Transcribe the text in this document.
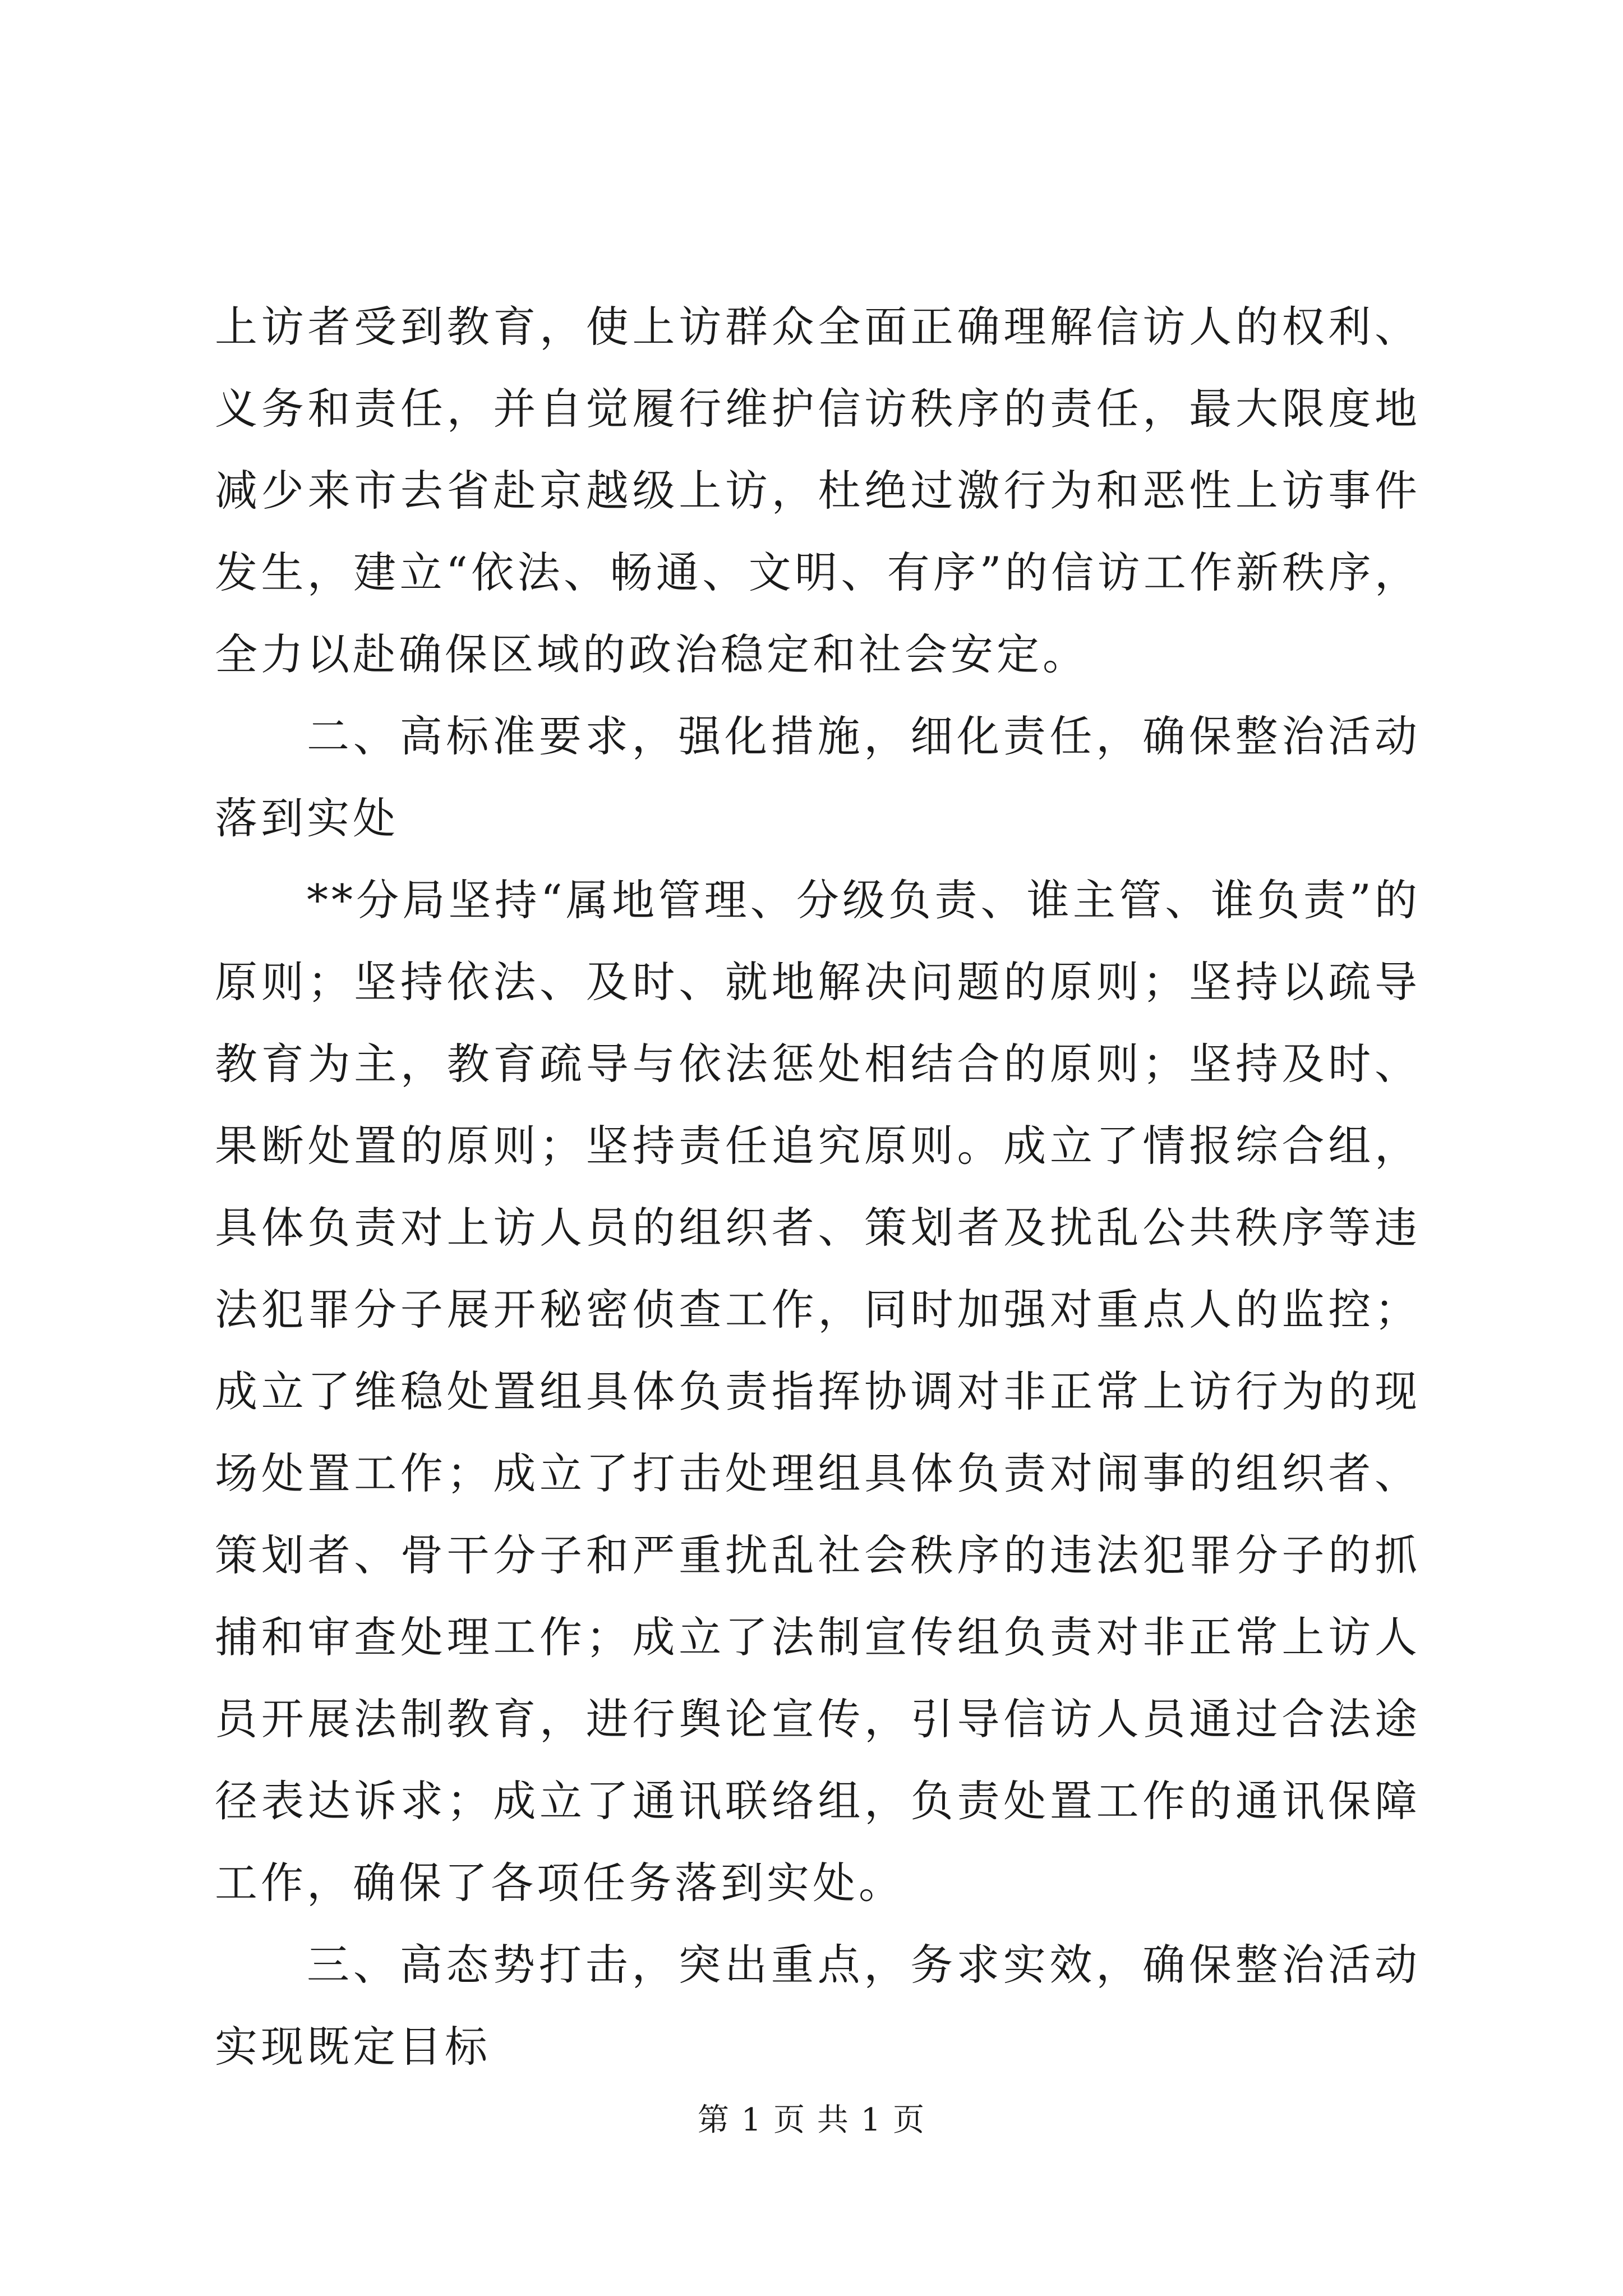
上访者受到教育，使上访群众全面正确理解信访人的权利、义务和责任，并自觉履行维护信访秩序的责任，最大限度地减少来市去省赴京越级上访，杜绝过激行为和恶性上访事件发生，建立“依法、畅通、文明、有序”的信访工作新秩序，全力以赴确保区域的政治稳定和社会安定。

二、高标准要求，强化措施，细化责任，确保整治活动落到实处

**分局坚持“属地管理、分级负责、谁主管、谁负责”的原则；坚持依法、及时、就地解决问题的原则；坚持以疏导教育为主，教育疏导与依法惩处相结合的原则；坚持及时、果断处置的原则；坚持责任追究原则。成立了情报综合组，具体负责对上访人员的组织者、策划者及扰乱公共秩序等违法犯罪分子展开秘密侦查工作，同时加强对重点人的监控；成立了维稳处置组具体负责指挥协调对非正常上访行为的现场处置工作；成立了打击处理组具体负责对闹事的组织者、策划者、骨干分子和严重扰乱社会秩序的违法犯罪分子的抓捕和审查处理工作；成立了法制宣传组负责对非正常上访人员开展法制教育，进行舆论宣传，引导信访人员通过合法途径表达诉求；成立了通讯联络组，负责处置工作的通讯保障工作，确保了各项任务落到实处。

三、高态势打击，突出重点，务求实效，确保整治活动实现既定目标

第 1 页 共 1 页
